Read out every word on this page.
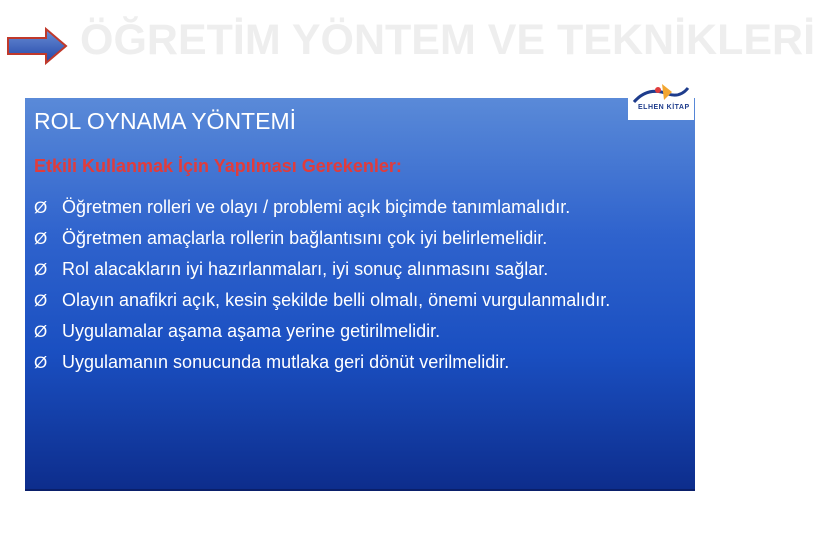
ÖĞRETİM YÖNTEM VE TEKNİKLERİ
ELHEN KİTAP
ROL OYNAMA YÖNTEMİ
Etkili Kullanmak İçin Yapılması Gerekenler:
Ø Öğretmen rolleri ve olayı / problemi açık biçimde tanımlamalıdır.
Ø Öğretmen amaçlarla rollerin bağlantısını çok iyi belirlemelidir.
Ø Rol alacakların iyi hazırlanmaları, iyi sonuç alınmasını sağlar.
Ø Olayın anafikri açık, kesin şekilde belli olmalı, önemi vurgulanmalıdır.
Ø Uygulamalar aşama aşama yerine getirilmelidir.
Ø Uygulamanın sonucunda mutlaka geri dönüt verilmelidir.
